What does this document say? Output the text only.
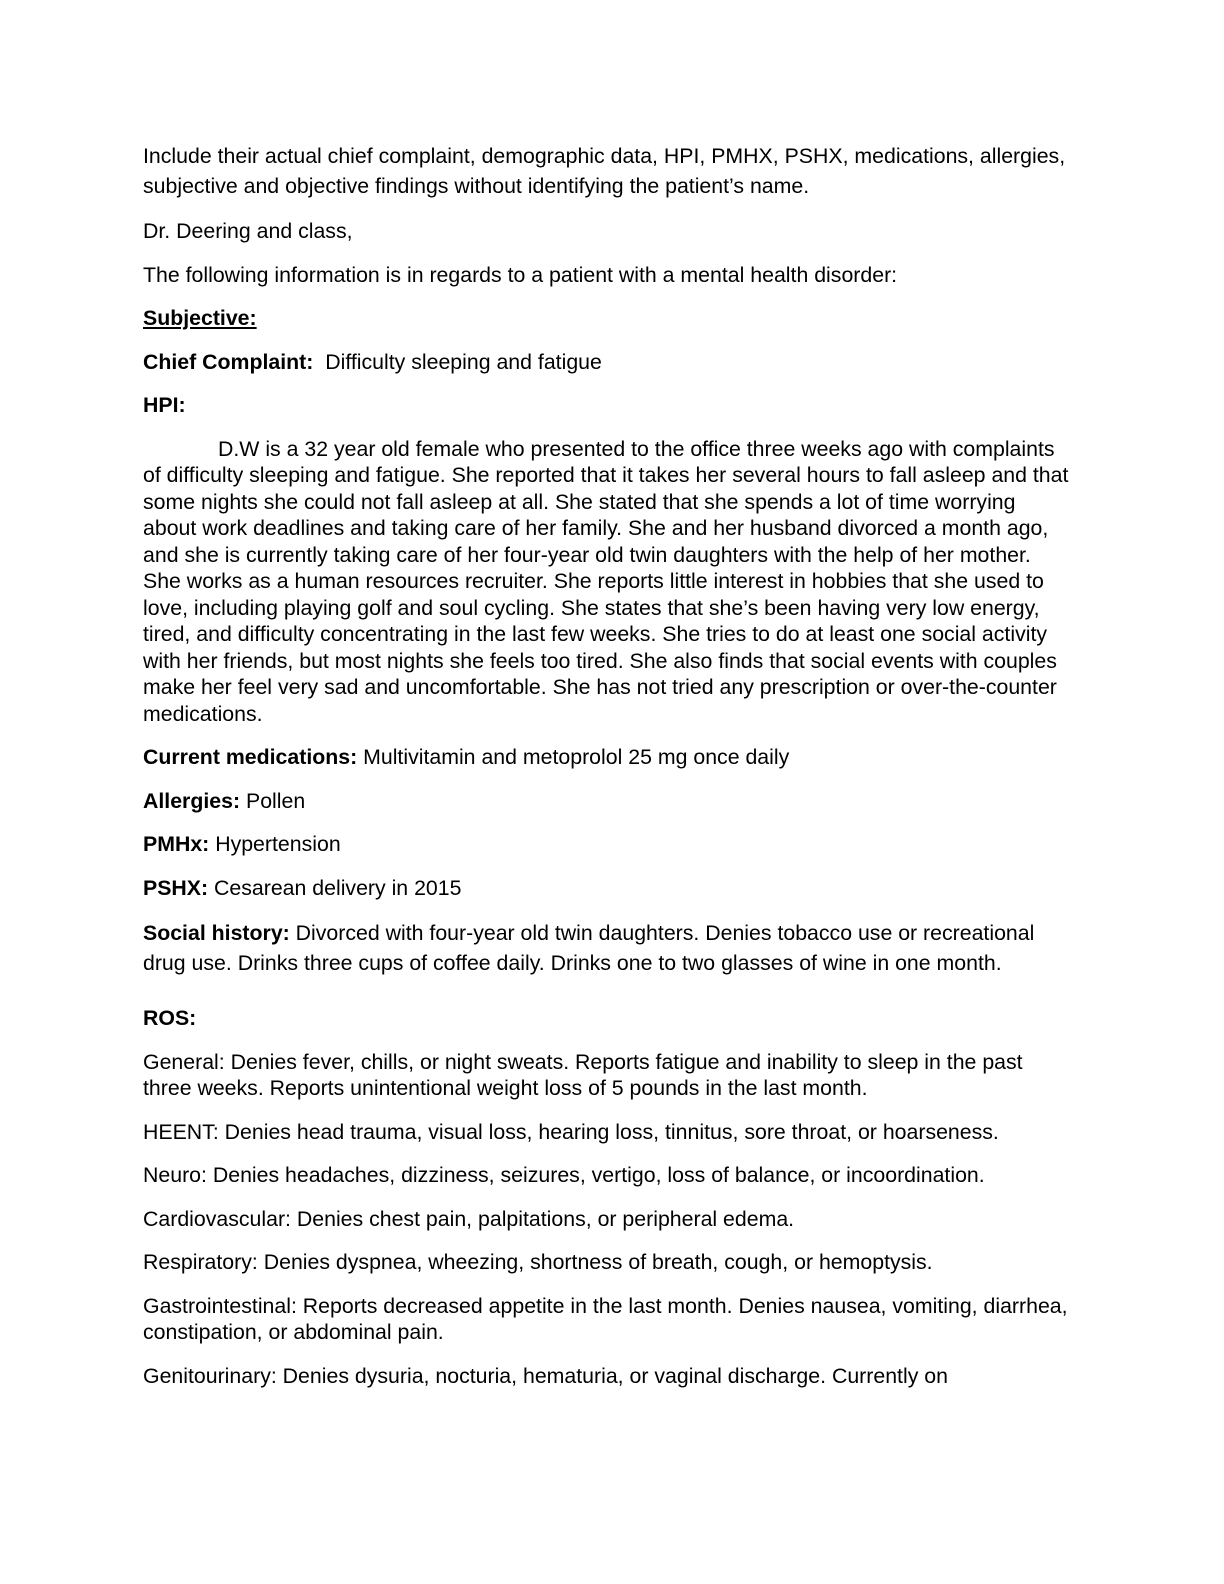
Include their actual chief complaint, demographic data, HPI, PMHX, PSHX, medications, allergies, subjective and objective findings without identifying the patient’s name.

Dr. Deering and class,

The following information is in regards to a patient with a mental health disorder:

Subjective:

Chief Complaint: Difficulty sleeping and fatigue

HPI:

D.W is a 32 year old female who presented to the office three weeks ago with complaints of difficulty sleeping and fatigue. She reported that it takes her several hours to fall asleep and that some nights she could not fall asleep at all. She stated that she spends a lot of time worrying about work deadlines and taking care of her family. She and her husband divorced a month ago, and she is currently taking care of her four-year old twin daughters with the help of her mother. She works as a human resources recruiter. She reports little interest in hobbies that she used to love, including playing golf and soul cycling. She states that she’s been having very low energy, tired, and difficulty concentrating in the last few weeks. She tries to do at least one social activity with her friends, but most nights she feels too tired. She also finds that social events with couples make her feel very sad and uncomfortable. She has not tried any prescription or over-the-counter medications.

Current medications: Multivitamin and metoprolol 25 mg once daily

Allergies: Pollen

PMHx: Hypertension

PSHX: Cesarean delivery in 2015

Social history: Divorced with four-year old twin daughters. Denies tobacco use or recreational drug use. Drinks three cups of coffee daily. Drinks one to two glasses of wine in one month.

ROS:

General: Denies fever, chills, or night sweats. Reports fatigue and inability to sleep in the past three weeks. Reports unintentional weight loss of 5 pounds in the last month.

HEENT: Denies head trauma, visual loss, hearing loss, tinnitus, sore throat, or hoarseness.

Neuro: Denies headaches, dizziness, seizures, vertigo, loss of balance, or incoordination.

Cardiovascular: Denies chest pain, palpitations, or peripheral edema.

Respiratory: Denies dyspnea, wheezing, shortness of breath, cough, or hemoptysis.

Gastrointestinal: Reports decreased appetite in the last month. Denies nausea, vomiting, diarrhea, constipation, or abdominal pain.

Genitourinary: Denies dysuria, nocturia, hematuria, or vaginal discharge. Currently on
